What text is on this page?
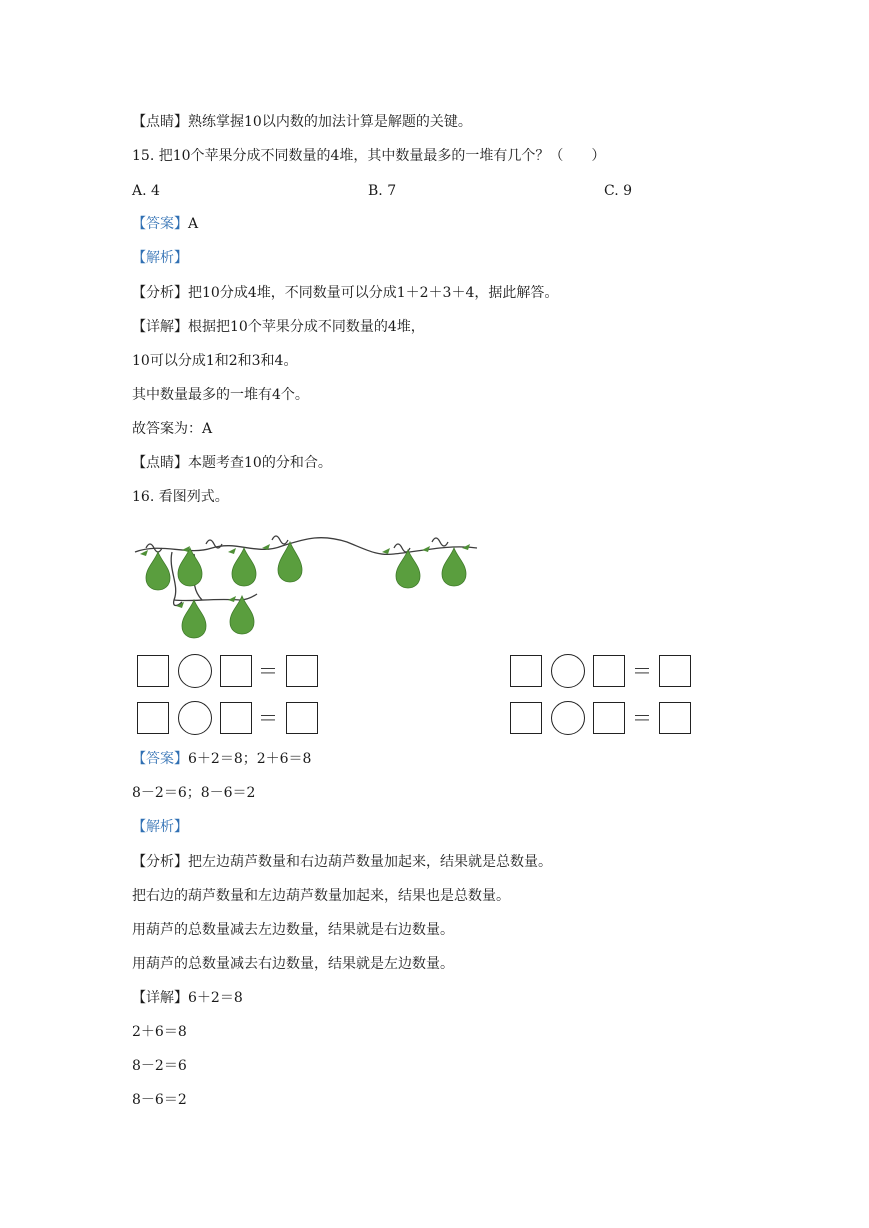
【点睛】熟练掌握10以内数的加法计算是解题的关键。
15. 把10个苹果分成不同数量的4堆，其中数量最多的一堆有几个？（　　）
A. 4	B. 7	C. 9
【答案】A
【解析】
【分析】把10分成4堆，不同数量可以分成1＋2＋3＋4，据此解答。
【详解】根据把10个苹果分成不同数量的4堆，
10可以分成1和2和3和4。
其中数量最多的一堆有4个。
故答案为：A
【点睛】本题考查10的分和合。
16. 看图列式。
＝
＝
＝
＝
【答案】6＋2＝8；2＋6＝8
8－2＝6；8－6＝2
【解析】
【分析】把左边葫芦数量和右边葫芦数量加起来，结果就是总数量。
把右边的葫芦数量和左边葫芦数量加起来，结果也是总数量。
用葫芦的总数量减去左边数量，结果就是右边数量。
用葫芦的总数量减去右边数量，结果就是左边数量。
【详解】6＋2＝8
2＋6＝8
8－2＝6
8－6＝2
